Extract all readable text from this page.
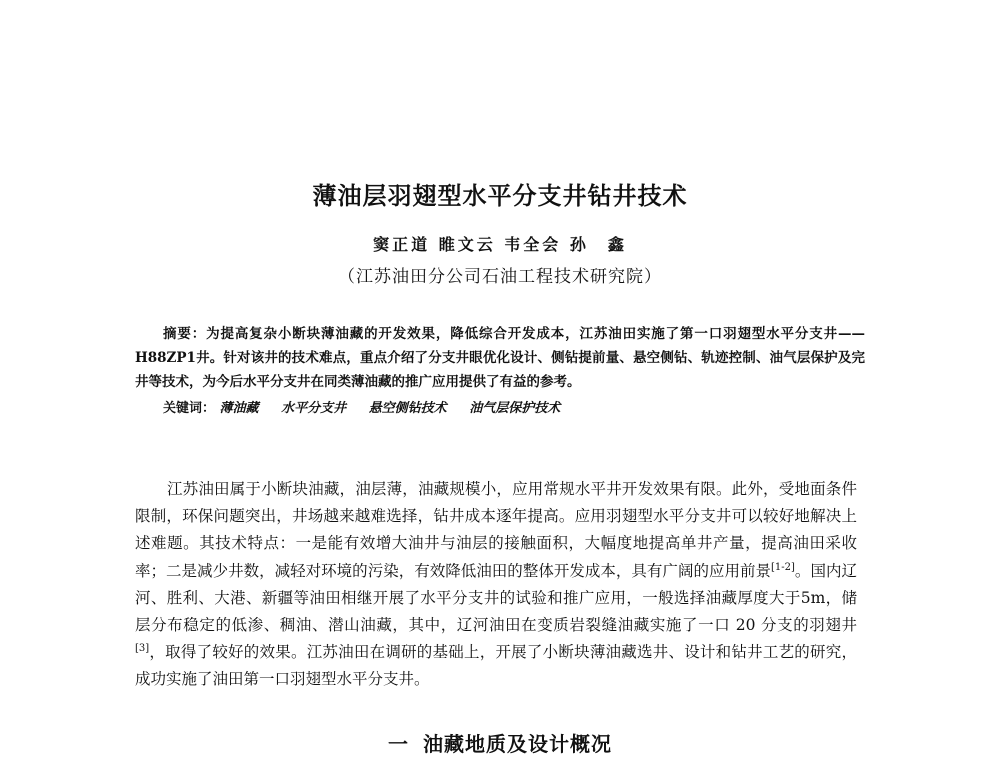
薄油层羽翅型水平分支井钻井技术

窦正道 睢文云 韦全会 孙　鑫

（江苏油田分公司石油工程技术研究院）

摘要：为提高复杂小断块薄油藏的开发效果，降低综合开发成本，江苏油田实施了第一口羽翅型水平分支井——H88ZP1井。针对该井的技术难点，重点介绍了分支井眼优化设计、侧钻提前量、悬空侧钻、轨迹控制、油气层保护及完井等技术，为今后水平分支井在同类薄油藏的推广应用提供了有益的参考。

关键词： 薄油藏 水平分支井 悬空侧钻技术 油气层保护技术

江苏油田属于小断块油藏，油层薄，油藏规模小，应用常规水平井开发效果有限。此外，受地面条件限制，环保问题突出，井场越来越难选择，钻井成本逐年提高。应用羽翅型水平分支井可以较好地解决上述难题。其技术特点：一是能有效增大油井与油层的接触面积，大幅度地提高单井产量，提高油田采收率；二是减少井数，减轻对环境的污染，有效降低油田的整体开发成本，具有广阔的应用前景[1-2]。国内辽河、胜利、大港、新疆等油田相继开展了水平分支井的试验和推广应用，一般选择油藏厚度大于5m，储层分布稳定的低渗、稠油、潜山油藏，其中，辽河油田在变质岩裂缝油藏实施了一口 20 分支的羽翅井[3]，取得了较好的效果。江苏油田在调研的基础上，开展了小断块薄油藏选井、设计和钻井工艺的研究，成功实施了油田第一口羽翅型水平分支井。

一 油藏地质及设计概况
